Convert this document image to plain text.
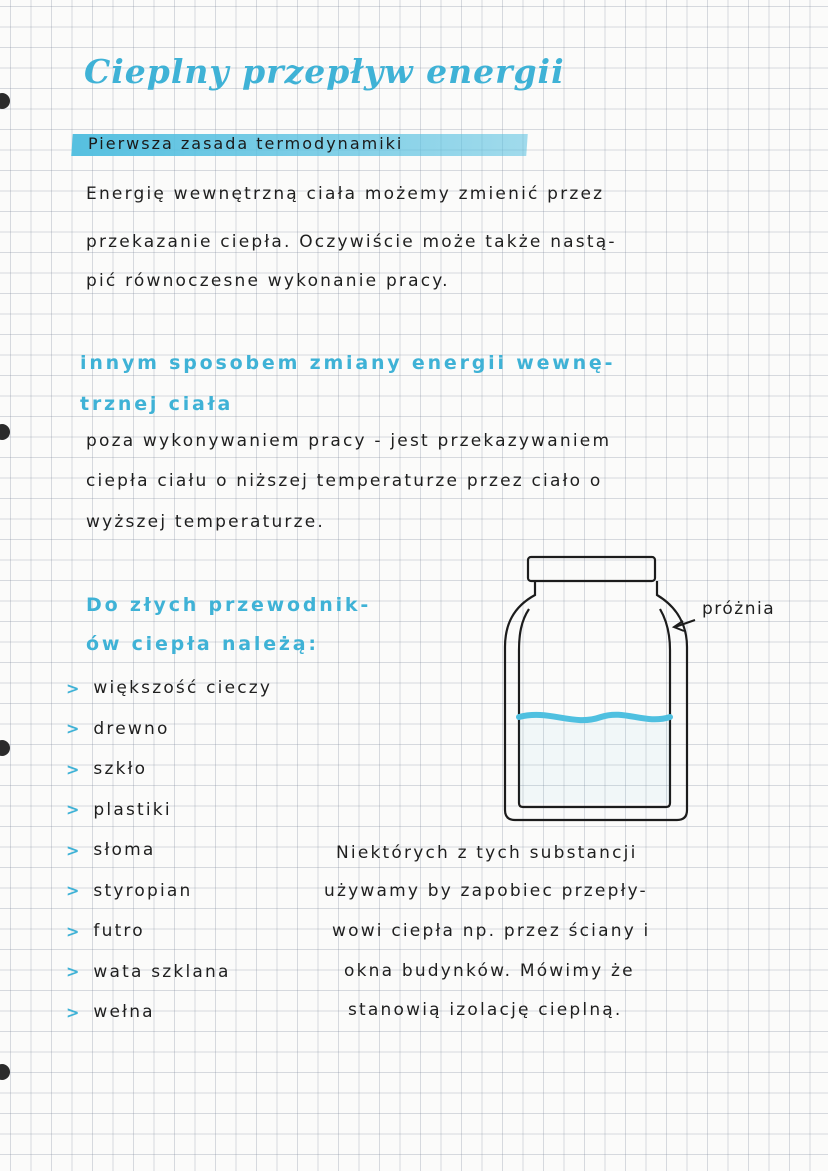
Cieplny przepływ energii
Pierwsza zasada termodynamiki
Energię wewnętrzną ciała możemy zmienić przez
przekazanie ciepła. Oczywiście może także nastą-
pić równoczesne wykonanie pracy.
innym sposobem zmiany energii wewnę-
trznej ciała
poza wykonywaniem pracy - jest przekazywaniem
ciepła ciału o niższej temperaturze przez ciało o
wyższej temperaturze.
Do złych przewodnik-
ów ciepła należą:
> większość cieczy
> drewno
> szkło
> plastiki
> słoma
> styropian
> futro
> wata szklana
> wełna
próżnia
Niektórych z tych substancji
używamy by zapobiec przepły-
wowi ciepła np. przez ściany i
okna budynków. Mówimy że
stanowią izolację cieplną.
